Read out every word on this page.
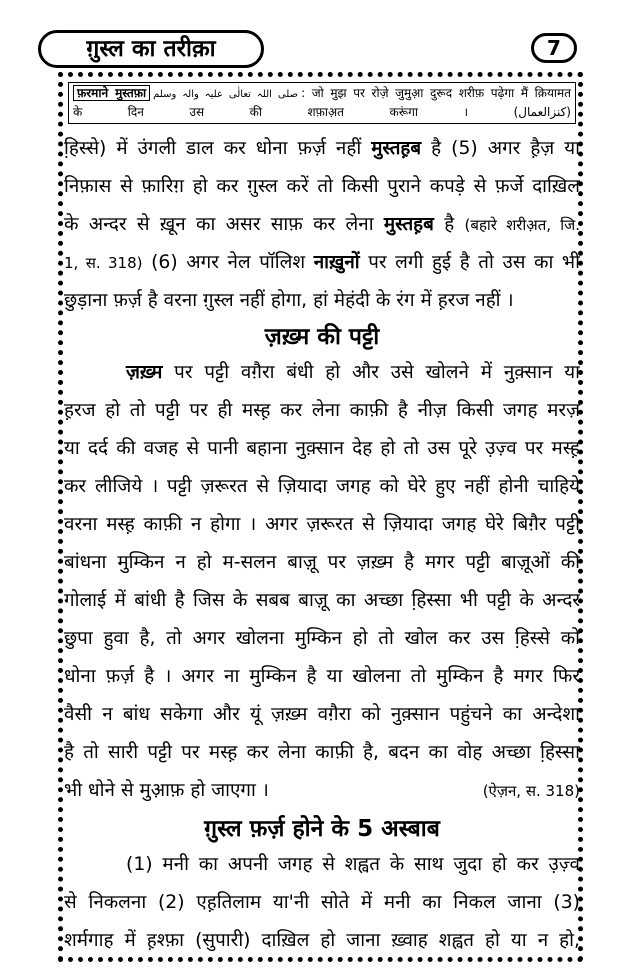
ग़ुस्ल का तरीक़ा	7
फ़रमाने मुस्तफ़ा صلی اللہ تعالٰی علیہ والہ وسلم : जो मुझ पर रोज़े जुमुआ़ दुरूद शरीफ़ पढ़ेगा मैं क़ियामत
के दिन उस की शफ़ाअ़त करूंगा ।	(کنزالعمال)
हि़स्से) में उंगली डाल कर धोना फ़र्ज़ नहीं मुस्तह़ब है (5) अगर ह़ैज़ या
निफ़ास से फ़ारिग़ हो कर ग़ुस्ल करें तो किसी पुराने कपड़े से फ़र्जे दाख़िल
के अन्दर से ख़ून का असर साफ़ कर लेना मुस्तह़ब है (बहारे शरीअ़त, जि.
1, स. 318) (6) अगर नेल पॉलिश नाख़ुनों पर लगी हुई है तो उस का भी
छुड़ाना फ़र्ज़ है वरना ग़ुस्ल नहीं होगा, हां मेहंदी के रंग में ह़रज नहीं ।
ज़ख़्म की पट्टी
ज़ख़्म पर पट्टी वग़ैरा बंधी हो और उसे खोलने में नुक़्सान या
ह़रज हो तो पट्टी पर ही मस्ह़ कर लेना काफ़ी है नीज़ किसी जगह मरज़
या दर्द की वजह से पानी बहाना नुक़्सान देह हो तो उस पूरे उ़ज़्व पर मस्ह़
कर लीजिये । पट्टी ज़रूरत से ज़ियादा जगह को घेरे हुए नहीं होनी चाहिये
वरना मस्ह़ काफ़ी न होगा । अगर ज़रूरत से ज़ियादा जगह घेरे बिग़ैर पट्टी
बांधना मुम्किन न हो म-सलन बाज़ू पर ज़ख़्म है मगर पट्टी बाज़ूओं की
गोलाई में बांधी है जिस के सबब बाज़ू का अच्छा हि़स्सा भी पट्टी के अन्दर
छुपा हुवा है, तो अगर खोलना मुम्किन हो तो खोल कर उस हि़स्से को
धोना फ़र्ज़ है । अगर ना मुम्किन है या खोलना तो मुम्किन है मगर फिर
वैसी न बांध सकेगा और यूं ज़ख़्म वग़ैरा को नुक़्सान पहुंचने का अन्देशा
है तो सारी पट्टी पर मस्ह़ कर लेना काफ़ी है, बदन का वोह अच्छा हि़स्सा
भी धोने से मुआ़फ़ हो जाएगा ।	(ऐज़न, स. 318)
ग़ुस्ल फ़र्ज़ होने के 5 अस्बाब
(1) मनी का अपनी जगह से शह्वत के साथ जुदा हो कर उ़ज़्व
से निकलना (2) एह़तिलाम या'नी सोते में मनी का निकल जाना (3)
शर्मगाह में ह़श्फ़ा (सुपारी) दाख़िल हो जाना ख़्वाह शह्वत हो या न हो,
